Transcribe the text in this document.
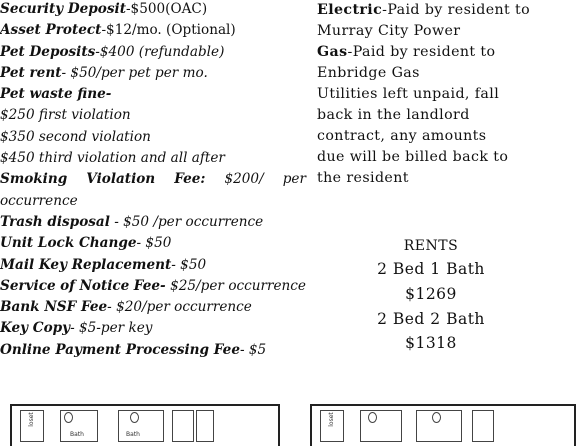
Security Deposit-$500(OAC)
Asset Protect-$12/mo. (Optional)
Pet Deposits-$400 (refundable)
Pet rent- $50/per pet per mo.
Pet waste fine-
$250 first violation
$350 second violation
$450 third violation and all after
Smoking Violation Fee: $200/ per
occurrence
Trash disposal - $50 /per occurrence
Unit Lock Change- $50
Mail Key Replacement- $50
Service of Notice Fee- $25/per occurrence
Bank NSF Fee- $20/per occurrence
Key Copy- $5-per key
Online Payment Processing Fee- $5
Electric-Paid by resident to
Murray City Power
Gas-Paid by resident to
Enbridge Gas
Utilities left unpaid, fall
back in the landlord
contract, any amounts
due will be billed back to
the resident
RENTS
2 Bed 1 Bath
$1269
2 Bed 2 Bath
$1318
loset
Bath	Bath
loset
